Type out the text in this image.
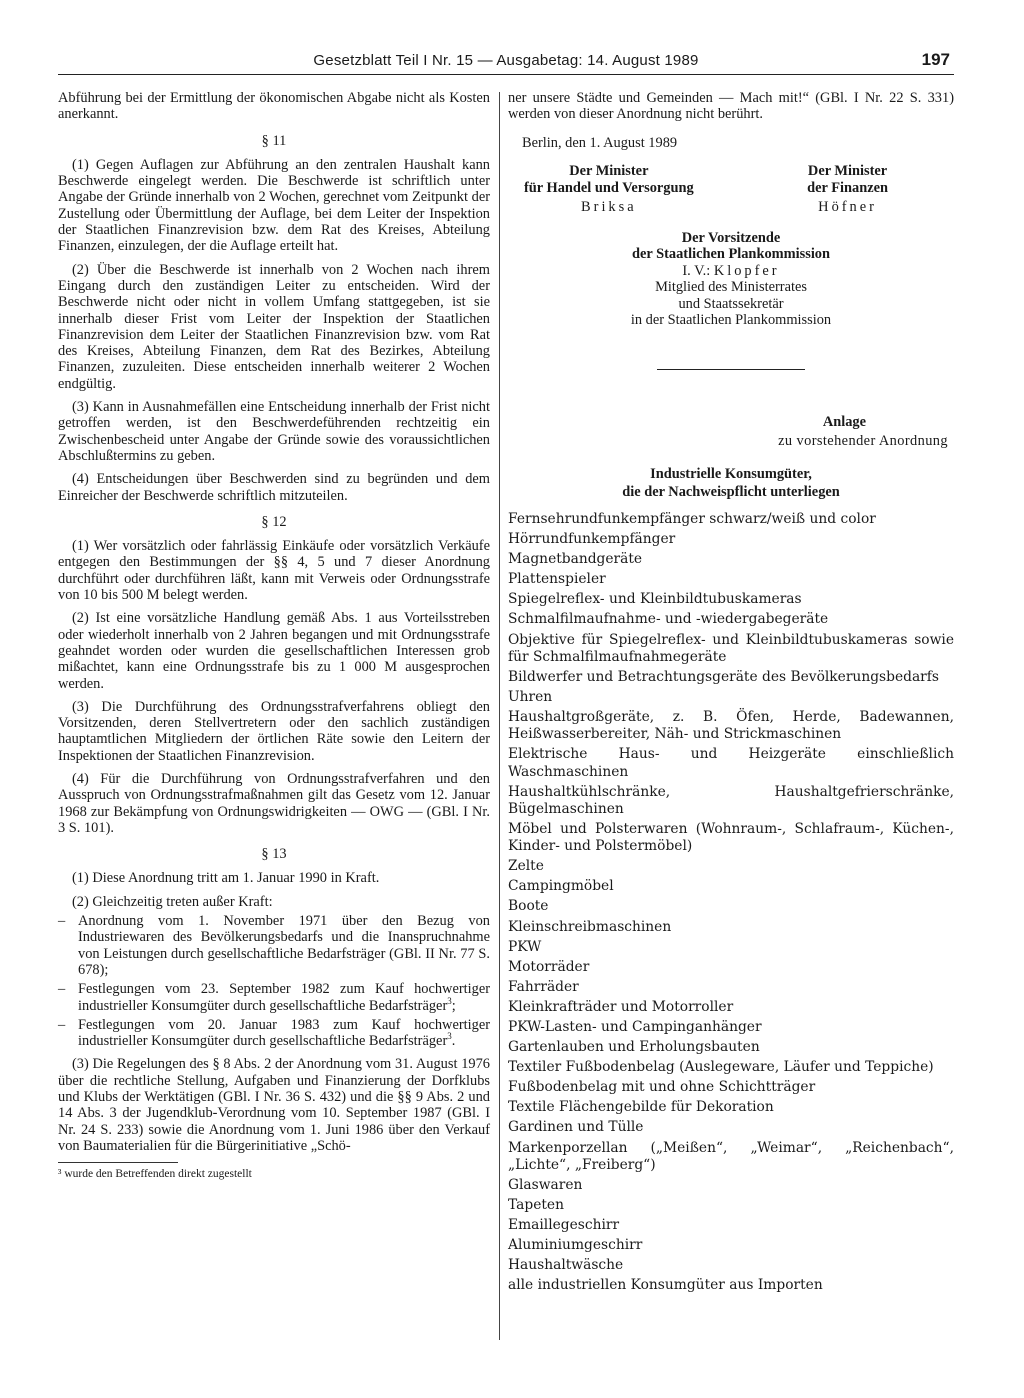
Gesetzblatt Teil I Nr. 15 — Ausgabetag: 14. August 1989	197

Abführung bei der Ermittlung der ökonomischen Abgabe nicht als Kosten anerkannt.

§ 11

(1) Gegen Auflagen zur Abführung an den zentralen Haushalt kann Beschwerde eingelegt werden. Die Beschwerde ist schriftlich unter Angabe der Gründe innerhalb von 2 Wochen, gerechnet vom Zeitpunkt der Zustellung oder Übermittlung der Auflage, bei dem Leiter der Inspektion der Staatlichen Finanzrevision bzw. dem Rat des Kreises, Abteilung Finanzen, einzulegen, der die Auflage erteilt hat.

(2) Über die Beschwerde ist innerhalb von 2 Wochen nach ihrem Eingang durch den zuständigen Leiter zu entscheiden. Wird der Beschwerde nicht oder nicht in vollem Umfang stattgegeben, ist sie innerhalb dieser Frist vom Leiter der Inspektion der Staatlichen Finanzrevision dem Leiter der Staatlichen Finanzrevision bzw. vom Rat des Kreises, Abteilung Finanzen, dem Rat des Bezirkes, Abteilung Finanzen, zuzuleiten. Diese entscheiden innerhalb weiterer 2 Wochen endgültig.

(3) Kann in Ausnahmefällen eine Entscheidung innerhalb der Frist nicht getroffen werden, ist den Beschwerdeführenden rechtzeitig ein Zwischenbescheid unter Angabe der Gründe sowie des voraussichtlichen Abschlußtermins zu geben.

(4) Entscheidungen über Beschwerden sind zu begründen und dem Einreicher der Beschwerde schriftlich mitzuteilen.

§ 12

(1) Wer vorsätzlich oder fahrlässig Einkäufe oder vorsätzlich Verkäufe entgegen den Bestimmungen der §§ 4, 5 und 7 dieser Anordnung durchführt oder durchführen läßt, kann mit Verweis oder Ordnungsstrafe von 10 bis 500 M belegt werden.

(2) Ist eine vorsätzliche Handlung gemäß Abs. 1 aus Vorteilsstreben oder wiederholt innerhalb von 2 Jahren begangen und mit Ordnungsstrafe geahndet worden oder wurden die gesellschaftlichen Interessen grob mißachtet, kann eine Ordnungsstrafe bis zu 1 000 M ausgesprochen werden.

(3) Die Durchführung des Ordnungsstrafverfahrens obliegt den Vorsitzenden, deren Stellvertretern oder den sachlich zuständigen hauptamtlichen Mitgliedern der örtlichen Räte sowie den Leitern der Inspektionen der Staatlichen Finanzrevision.

(4) Für die Durchführung von Ordnungsstrafverfahren und den Ausspruch von Ordnungsstrafmaßnahmen gilt das Gesetz vom 12. Januar 1968 zur Bekämpfung von Ordnungswidrigkeiten — OWG — (GBl. I Nr. 3 S. 101).

§ 13

(1) Diese Anordnung tritt am 1. Januar 1990 in Kraft.

(2) Gleichzeitig treten außer Kraft:

– Anordnung vom 1. November 1971 über den Bezug von Industriewaren des Bevölkerungsbedarfs und die Inanspruchnahme von Leistungen durch gesellschaftliche Bedarfsträger (GBl. II Nr. 77 S. 678);
– Festlegungen vom 23. September 1982 zum Kauf hochwertiger industrieller Konsumgüter durch gesellschaftliche Bedarfsträger$^3$;
– Festlegungen vom 20. Januar 1983 zum Kauf hochwertiger industrieller Konsumgüter durch gesellschaftliche Bedarfsträger$^3$.

(3) Die Regelungen des § 8 Abs. 2 der Anordnung vom 31. August 1976 über die rechtliche Stellung, Aufgaben und Finanzierung der Dorfklubs und Klubs der Werktätigen (GBl. I Nr. 36 S. 432) und die §§ 9 Abs. 2 und 14 Abs. 3 der Jugendklub-Verordnung vom 10. September 1987 (GBl. I Nr. 24 S. 233) sowie die Anordnung vom 1. Juni 1986 über den Verkauf von Baumaterialien für die Bürgerinitiative „Schö-

³ wurde den Betreffenden direkt zugestellt

ner unsere Städte und Gemeinden — Mach mit!“ (GBl. I Nr. 22 S. 331) werden von dieser Anordnung nicht berührt.

Berlin, den 1. August 1989

Der Minister
für Handel und Versorgung
Briksa
Der Minister
der Finanzen
Höfner
Der Vorsitzende
der Staatlichen Plankommission
I. V.: Klopfer
Mitglied des Ministerrates
und Staatssekretär
in der Staatlichen Plankommission
Anlage
zu vorstehender Anordnung
Industrielle Konsumgüter,
die der Nachweispflicht unterliegen
Fernsehrundfunkempfänger schwarz/weiß und color
Hörrundfunkempfänger
Magnetbandgeräte
Plattenspieler
Spiegelreflex- und Kleinbildtubuskameras
Schmalfilmaufnahme- und -wiedergabegeräte
Objektive für Spiegelreflex- und Kleinbildtubuskameras sowie für Schmalfilmaufnahmegeräte
Bildwerfer und Betrachtungsgeräte des Bevölkerungsbedarfs
Uhren
Haushaltgroßgeräte, z. B. Öfen, Herde, Badewannen, Heißwasserbereiter, Näh- und Strickmaschinen
Elektrische Haus- und Heizgeräte einschließlich Waschmaschinen
Haushaltkühlschränke, Haushaltgefrierschränke, Bügelmaschinen
Möbel und Polsterwaren (Wohnraum-, Schlafraum-, Küchen-, Kinder- und Polstermöbel)
Zelte
Campingmöbel
Boote
Kleinschreibmaschinen
PKW
Motorräder
Fahrräder
Kleinkrafträder und Motorroller
PKW-Lasten- und Campinganhänger
Gartenlauben und Erholungsbauten
Textiler Fußbodenbelag (Auslegeware, Läufer und Teppiche)
Fußbodenbelag mit und ohne Schichtträger
Textile Flächengebilde für Dekoration
Gardinen und Tülle
Markenporzellan („Meißen“, „Weimar“, „Reichenbach“, „Lichte“, „Freiberg“)
Glaswaren
Tapeten
Emaillegeschirr
Aluminiumgeschirr
Haushaltwäsche
alle industriellen Konsumgüter aus Importen
